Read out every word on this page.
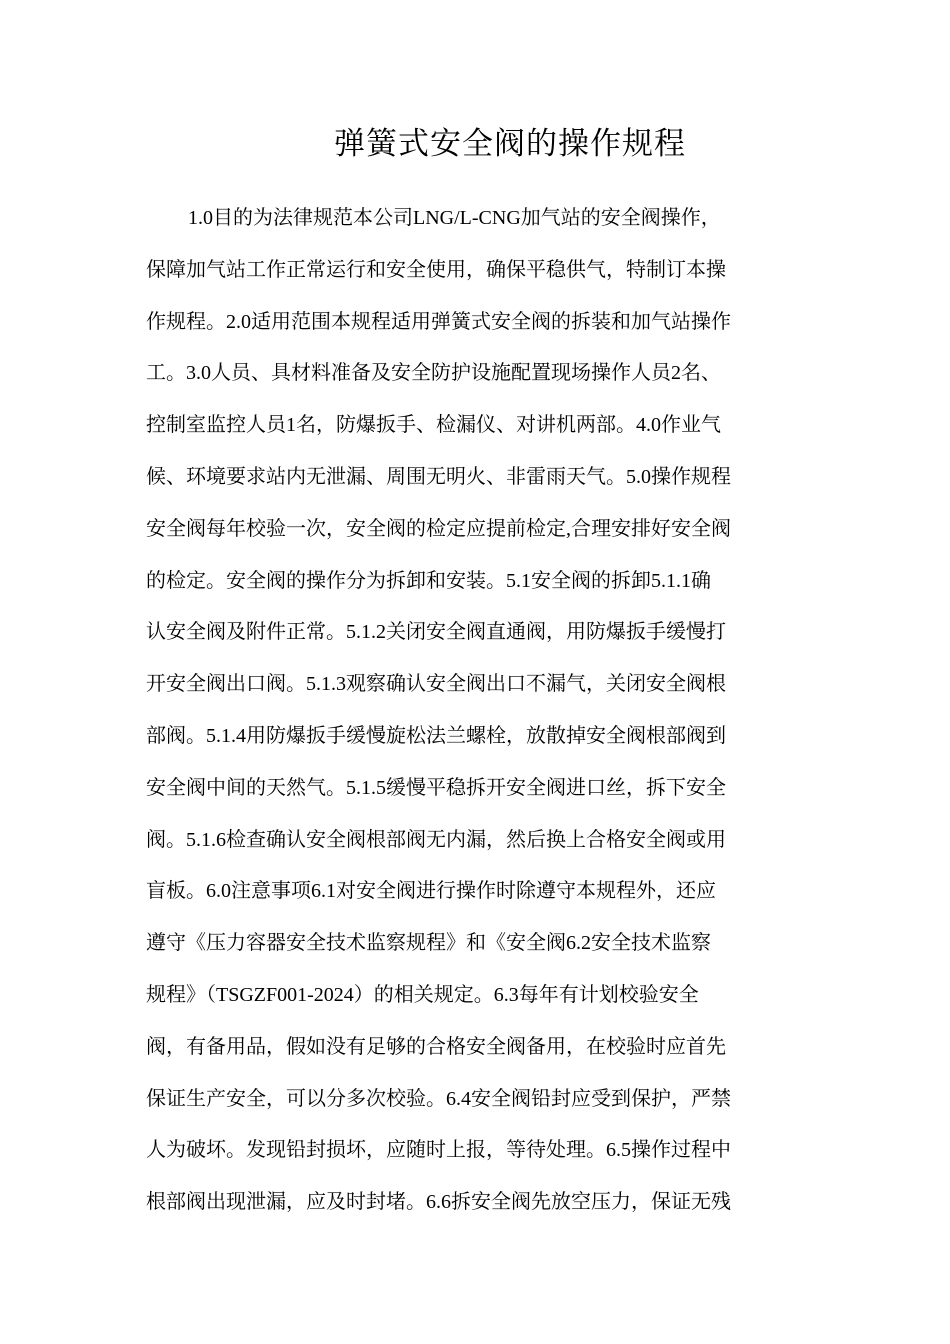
弹簧式安全阀的操作规程
1.0目的为法律规范本公司LNG/L-CNG加气站的安全阀操作，
保障加气站工作正常运行和安全使用，确保平稳供气，特制订本操
作规程。2.0适用范围本规程适用弹簧式安全阀的拆装和加气站操作
工。3.0人员、具材料准备及安全防护设施配置现场操作人员2名、
控制室监控人员1名，防爆扳手、检漏仪、对讲机两部。4.0作业气
候、环境要求站内无泄漏、周围无明火、非雷雨天气。5.0操作规程
安全阀每年校验一次，安全阀的检定应提前检定,合理安排好安全阀
的检定。安全阀的操作分为拆卸和安装。5.1安全阀的拆卸5.1.1确
认安全阀及附件正常。5.1.2关闭安全阀直通阀，用防爆扳手缓慢打
开安全阀出口阀。5.1.3观察确认安全阀出口不漏气，关闭安全阀根
部阀。5.1.4用防爆扳手缓慢旋松法兰螺栓，放散掉安全阀根部阀到
安全阀中间的天然气。5.1.5缓慢平稳拆开安全阀进口丝，拆下安全
阀。5.1.6检查确认安全阀根部阀无内漏，然后换上合格安全阀或用
盲板。6.0注意事项6.1对安全阀进行操作时除遵守本规程外，还应
遵守《压力容器安全技术监察规程》和《安全阀6.2安全技术监察
规程》（TSGZF001-2024）的相关规定。6.3每年有计划校验安全
阀，有备用品，假如没有足够的合格安全阀备用，在校验时应首先
保证生产安全，可以分多次校验。6.4安全阀铅封应受到保护，严禁
人为破坏。发现铅封损坏，应随时上报，等待处理。6.5操作过程中
根部阀出现泄漏，应及时封堵。6.6拆安全阀先放空压力，保证无残
